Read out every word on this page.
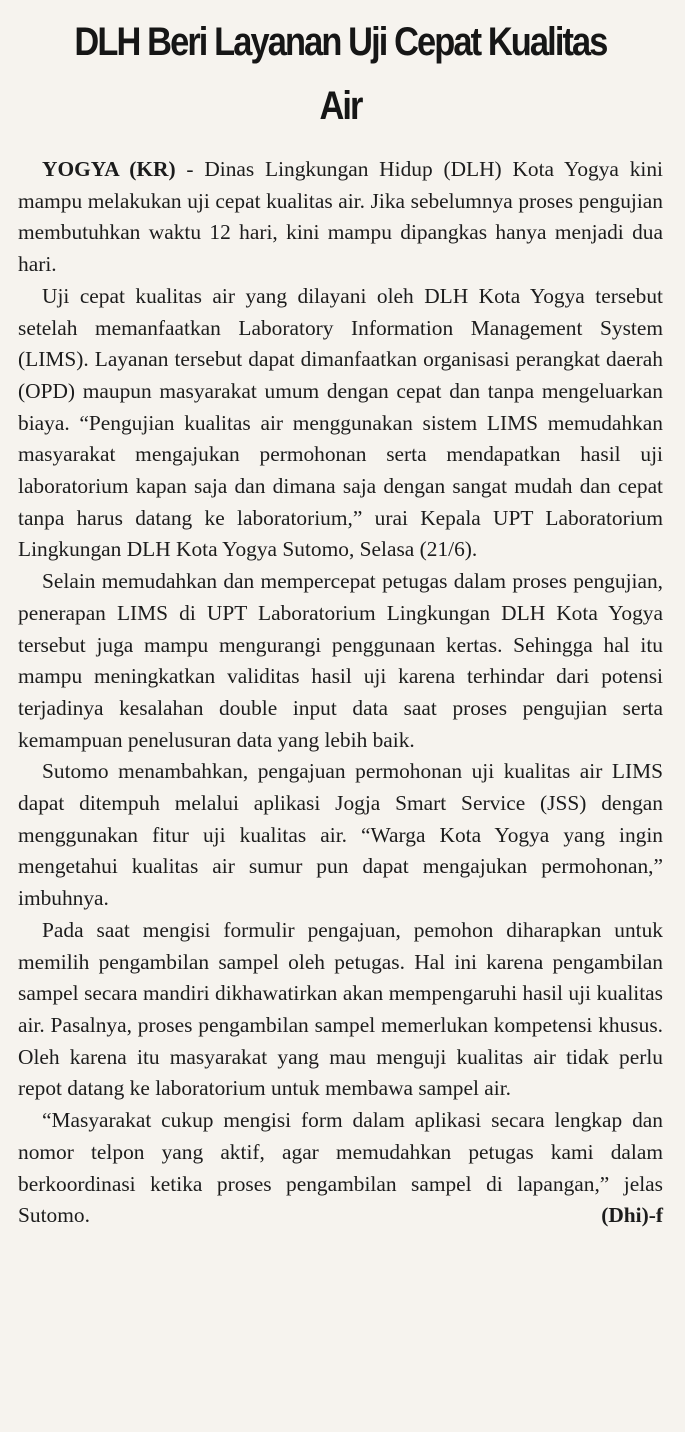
DLH Beri Layanan Uji Cepat Kualitas Air

YOGYA (KR) - Dinas Lingkungan Hidup (DLH) Kota Yogya kini mampu melakukan uji cepat kualitas air. Jika sebelumnya proses pengujian membutuhkan waktu 12 hari, kini mampu dipangkas hanya menjadi dua hari.

Uji cepat kualitas air yang dilayani oleh DLH Kota Yogya tersebut setelah memanfaatkan Laboratory Information Management System (LIMS). Layanan tersebut dapat dimanfaatkan organisasi perangkat daerah (OPD) maupun masyarakat umum dengan cepat dan tanpa mengeluarkan biaya. “Pengujian kualitas air menggunakan sistem LIMS memudahkan masyarakat mengajukan permohonan serta mendapatkan hasil uji laboratorium kapan saja dan dimana saja dengan sangat mudah dan cepat tanpa harus datang ke laboratorium,” urai Kepala UPT Laboratorium Lingkungan DLH Kota Yogya Sutomo, Selasa (21/6).

Selain memudahkan dan mempercepat petugas dalam proses pengujian, penerapan LIMS di UPT Laboratorium Lingkungan DLH Kota Yogya tersebut juga mampu mengurangi penggunaan kertas. Sehingga hal itu mampu meningkatkan validitas hasil uji karena terhindar dari potensi terjadinya kesalahan double input data saat proses pengujian serta kemampuan penelusuran data yang lebih baik.

Sutomo menambahkan, pengajuan permohonan uji kualitas air LIMS dapat ditempuh melalui aplikasi Jogja Smart Service (JSS) dengan menggunakan fitur uji kualitas air. “Warga Kota Yogya yang ingin mengetahui kualitas air sumur pun dapat mengajukan permohonan,” imbuhnya.

Pada saat mengisi formulir pengajuan, pemohon diharapkan untuk memilih pengambilan sampel oleh petugas. Hal ini karena pengambilan sampel secara mandiri dikhawatirkan akan mempengaruhi hasil uji kualitas air. Pasalnya, proses pengambilan sampel memerlukan kompetensi khusus. Oleh karena itu masyarakat yang mau menguji kualitas air tidak perlu repot datang ke laboratorium untuk membawa sampel air.

“Masyarakat cukup mengisi form dalam aplikasi secara lengkap dan nomor telpon yang aktif, agar memudahkan petugas kami dalam berkoordinasi ketika proses pengambilan sampel di lapangan,” jelas Sutomo.	(Dhi)-f
